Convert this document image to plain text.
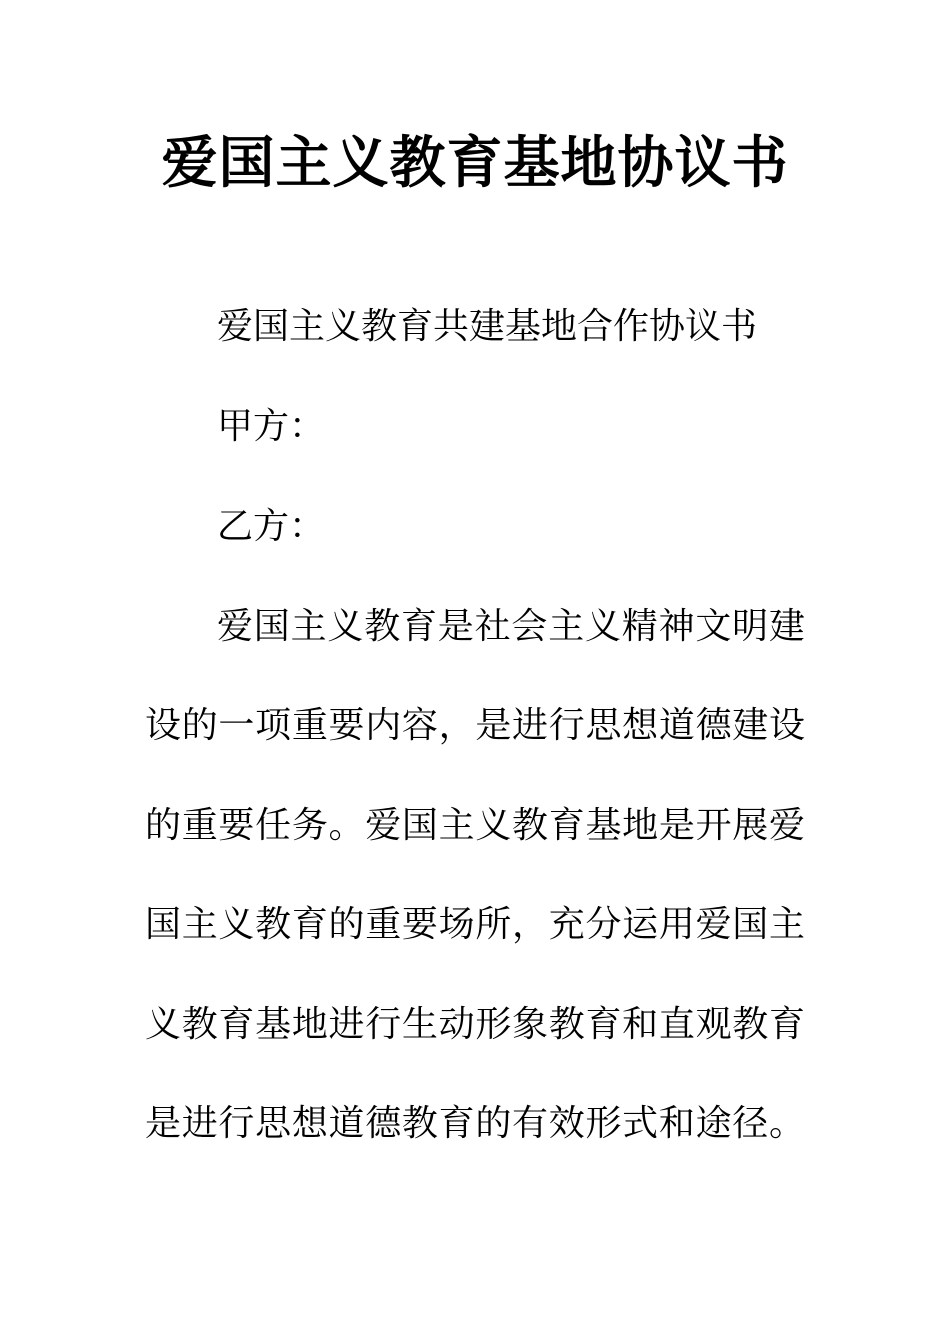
爱国主义教育基地协议书
爱国主义教育共建基地合作协议书
甲方：
乙方：
爱国主义教育是社会主义精神文明建
设的一项重要内容，是进行思想道德建设
的重要任务。爱国主义教育基地是开展爱
国主义教育的重要场所，充分运用爱国主
义教育基地进行生动形象教育和直观教育
是进行思想道德教育的有效形式和途径。
